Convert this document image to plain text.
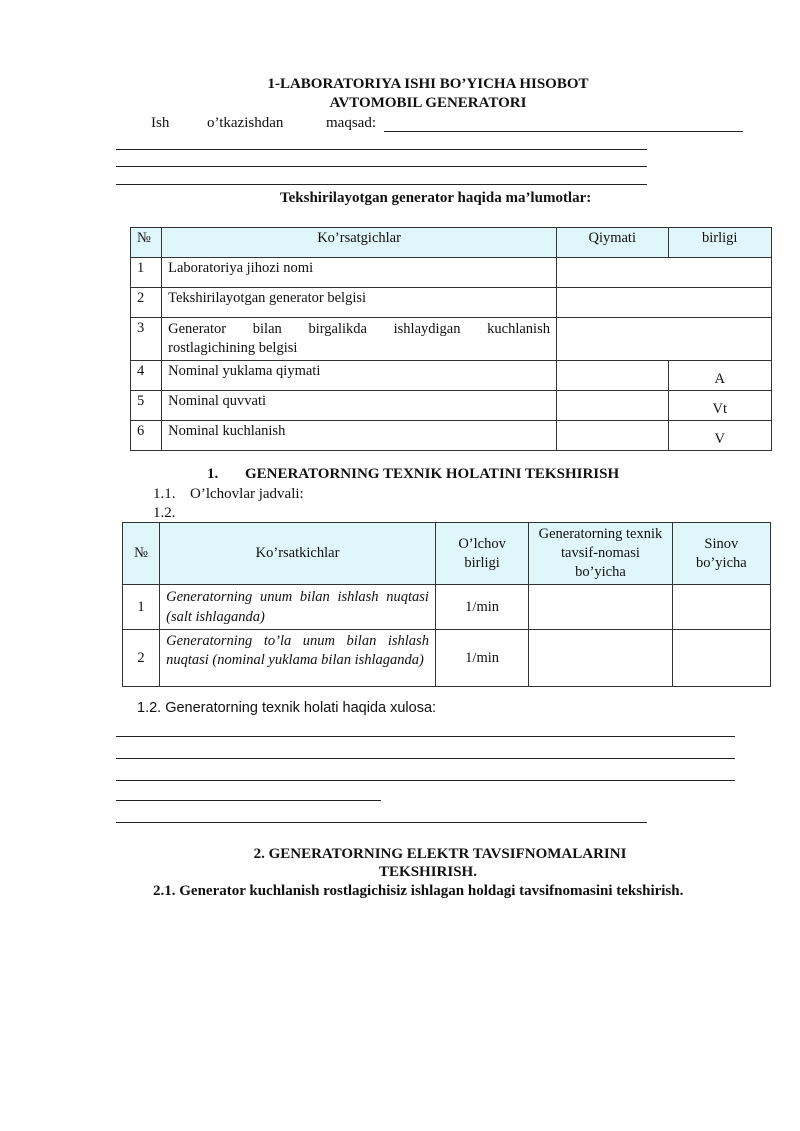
1-LABORATORIYA ISHI BO’YICHA HISOBOT
AVTOMOBIL GENERATORI
Ish	o’tkazishdan	maqsad:
Tekshirilayotgan generator haqida ma’lumotlar:
№	Ko’rsatgichlar	Qiymati	birligi
1	Laboratoriya jihozi nomi		
2	Tekshirilayotgan generator belgisi		
3	Generator bilan birgalikda ishlaydigan kuchlanish
rostlagichining belgisi		

4	Nominal yuklama qiymati		A
5	Nominal quvvati		Vt
6	Nominal kuchlanish		V
1. GENERATORNING TEXNIK HOLATINI TEKSHIRISH
1.1. O’lchovlar jadvali:
1.2.
№	Ko’rsatkichlar	O’lchov birligi	Generatorning texnik tavsif-nomasi bo’yicha	Sinov bo’yicha
1	Generatorning unum bilan ishlash nuqtasi (salt ishlaganda)	1/min		
2	Generatorning to’la unum bilan ishlash nuqtasi (nominal yuklama bilan ishlaganda)	1/min		
1.2. Generatorning texnik holati haqida xulosa:
2. GENERATORNING ELEKTR TAVSIFNOMALARINI
TEKSHIRISH.
2.1. Generator kuchlanish rostlagichisiz ishlagan holdagi tavsifnomasini tekshirish.
